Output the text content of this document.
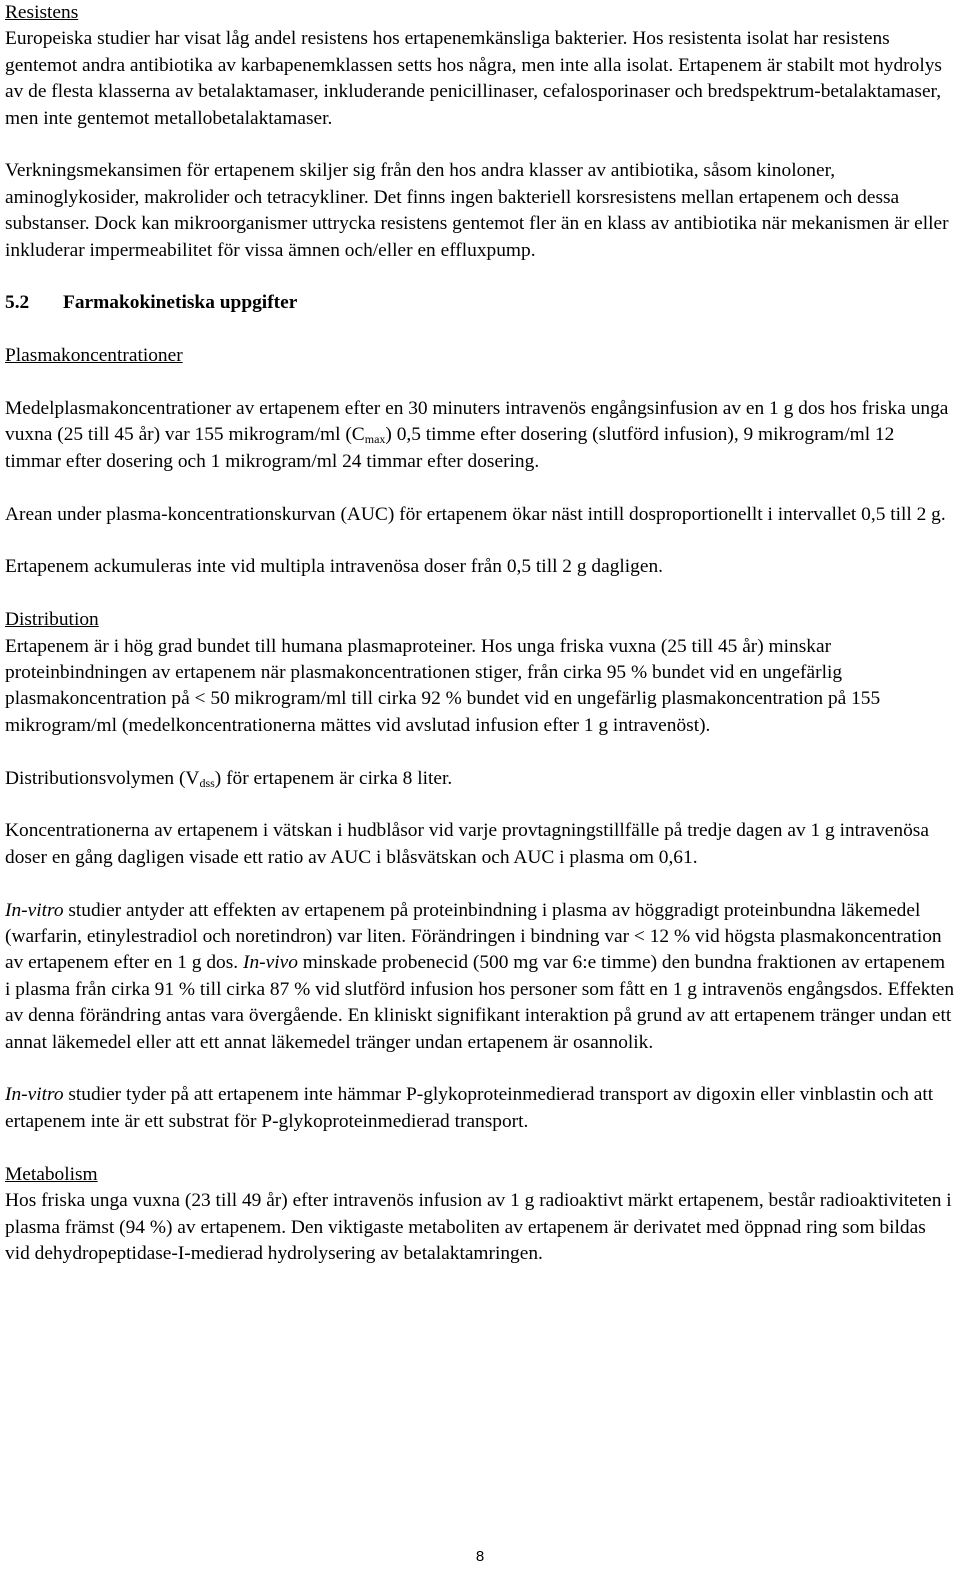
Resistens

Europeiska studier har visat låg andel resistens hos ertapenemkänsliga bakterier. Hos resistenta isolat har resistens gentemot andra antibiotika av karbapenemklassen setts hos några, men inte alla isolat. Ertapenem är stabilt mot hydrolys av de flesta klasserna av betalaktamaser, inkluderande penicillinaser, cefalosporinaser och bredspektrum-betalaktamaser, men inte gentemot metallobetalaktamaser.

Verkningsmekansimen för ertapenem skiljer sig från den hos andra klasser av antibiotika, såsom kinoloner, aminoglykosider, makrolider och tetracykliner. Det finns ingen bakteriell korsresistens mellan ertapenem och dessa substanser. Dock kan mikroorganismer uttrycka resistens gentemot fler än en klass av antibiotika när mekanismen är eller inkluderar impermeabilitet för vissa ämnen och/eller en effluxpump.

5.2 Farmakokinetiska uppgifter

Plasmakoncentrationer

Medelplasmakoncentrationer av ertapenem efter en 30 minuters intravenös engångsinfusion av en 1 g dos hos friska unga vuxna (25 till 45 år) var 155 mikrogram/ml $(C_{max})$ 0,5 timme efter dosering (slutförd infusion), 9 mikrogram/ml 12 timmar efter dosering och 1 mikrogram/ml 24 timmar efter dosering.

Arean under plasma-koncentrationskurvan (AUC) för ertapenem ökar näst intill dosproportionellt i intervallet 0,5 till 2 g.

Ertapenem ackumuleras inte vid multipla intravenösa doser från 0,5 till 2 g dagligen.

Distribution

Ertapenem är i hög grad bundet till humana plasmaproteiner. Hos unga friska vuxna (25 till 45 år) minskar proteinbindningen av ertapenem när plasmakoncentrationen stiger, från cirka 95 % bundet vid en ungefärlig plasmakoncentration på < 50 mikrogram/ml till cirka 92 % bundet vid en ungefärlig plasmakoncentration på 155 mikrogram/ml (medelkoncentrationerna mättes vid avslutad infusion efter 1 g intravenöst).

Distributionsvolymen $(V_{dss})$ för ertapenem är cirka 8 liter.

Koncentrationerna av ertapenem i vätskan i hudblåsor vid varje provtagningstillfälle på tredje dagen av 1 g intravenösa doser en gång dagligen visade ett ratio av AUC i blåsvätskan och AUC i plasma om 0,61.

In-vitro studier antyder att effekten av ertapenem på proteinbindning i plasma av höggradigt proteinbundna läkemedel (warfarin, etinylestradiol och noretindron) var liten. Förändringen i bindning var < 12 % vid högsta plasmakoncentration av ertapenem efter en 1 g dos. In-vivo minskade probenecid (500 mg var 6:e timme) den bundna fraktionen av ertapenem i plasma från cirka 91 % till cirka 87 % vid slutförd infusion hos personer som fått en 1 g intravenös engångsdos. Effekten av denna förändring antas vara övergående. En kliniskt signifikant interaktion på grund av att ertapenem tränger undan ett annat läkemedel eller att ett annat läkemedel tränger undan ertapenem är osannolik.

In-vitro studier tyder på att ertapenem inte hämmar P-glykoproteinmedierad transport av digoxin eller vinblastin och att ertapenem inte är ett substrat för P-glykoproteinmedierad transport.

Metabolism

Hos friska unga vuxna (23 till 49 år) efter intravenös infusion av 1 g radioaktivt märkt ertapenem, består radioaktiviteten i plasma främst (94 %) av ertapenem. Den viktigaste metaboliten av ertapenem är derivatet med öppnad ring som bildas vid dehydropeptidase-I-medierad hydrolysering av betalaktamringen.

8
